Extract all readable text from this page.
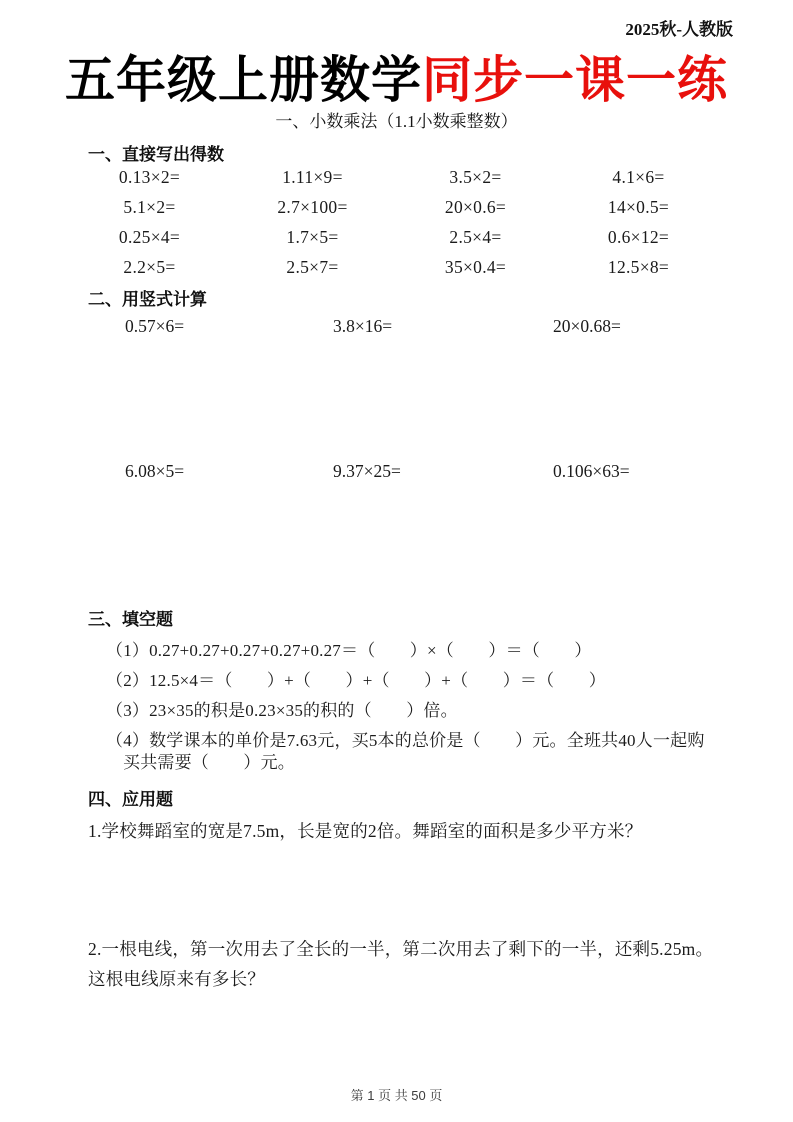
2025秋-人教版
五年级上册数学同步一课一练
一、小数乘法（1.1小数乘整数）
一、直接写出得数
0.13×2=	1.11×9=	3.5×2=	4.1×6=
5.1×2=	2.7×100=	20×0.6=	14×0.5=
0.25×4=	1.7×5=	2.5×4=	0.6×12=
2.2×5=	2.5×7=	35×0.4=	12.5×8=
二、用竖式计算
0.57×6=	3.8×16=	20×0.68=
6.08×5=	9.37×25=	0.106×63=
三、填空题
（1）0.27+0.27+0.27+0.27+0.27＝（　　）×（　　）＝（　　）
（2）12.5×4＝（　　）+（　　）+（　　）+（　　）＝（　　）
（3）23×35的积是0.23×35的积的（　　）倍。
（4）数学课本的单价是7.63元，买5本的总价是（　　）元。全班共40人一起购
买共需要（　　）元。
四、应用题
1.学校舞蹈室的宽是7.5m，长是宽的2倍。舞蹈室的面积是多少平方米？
2.一根电线，第一次用去了全长的一半，第二次用去了剩下的一半，还剩5.25m。
这根电线原来有多长？
第 1 页 共 50 页
